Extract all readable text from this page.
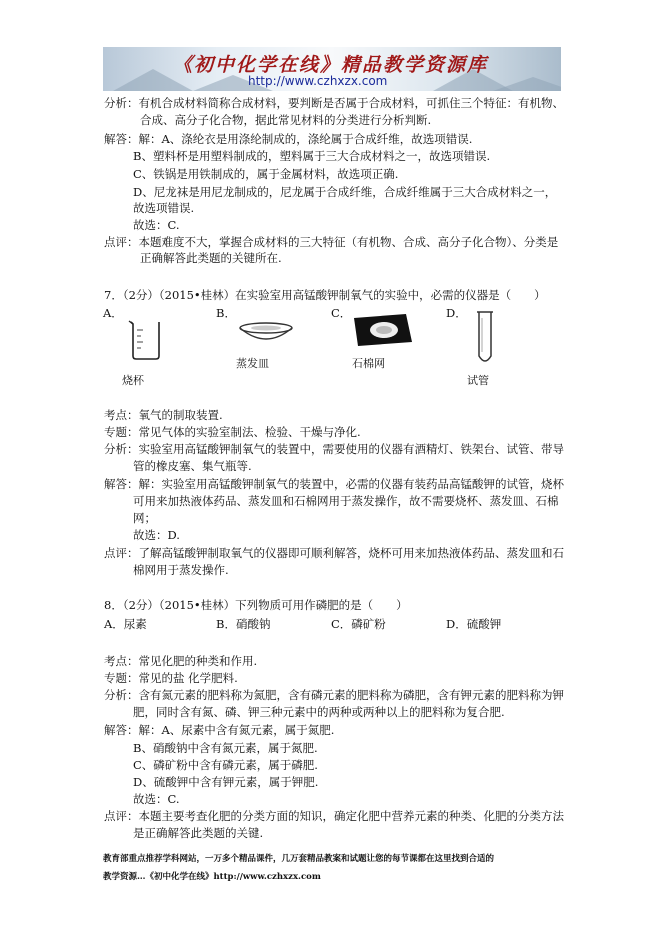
《初中化学在线》精品教学资源库
http://www.czhxzx.com
分析：有机合成材料简称合成材料，要判断是否属于合成材料，可抓住三个特征：有机物、
合成、高分子化合物，据此常见材料的分类进行分析判断.
解答：解：A、涤纶衣是用涤纶制成的，涤纶属于合成纤维，故选项错误.
B、塑料杯是用塑料制成的，塑料属于三大合成材料之一，故选项错误.
C、铁锅是用铁制成的，属于金属材料，故选项正确.
D、尼龙袜是用尼龙制成的，尼龙属于合成纤维，合成纤维属于三大合成材料之一，
故选项错误.
故选：C.
点评：本题难度不大，掌握合成材料的三大特征（有机物、合成、高分子化合物）、分类是
正确解答此类题的关键所在.
7．（2分）（2015•桂林）在实验室用高锰酸钾制氧气的实验中，必需的仪器是（　　）
A．	B．	C．	D．
蒸发皿	石棉网
烧杯	试管
考点：氧气的制取装置.
专题：常见气体的实验室制法、检验、干燥与净化.
分析：实验室用高锰酸钾制氧气的装置中，需要使用的仪器有酒精灯、铁架台、试管、带导
管的橡皮塞、集气瓶等.
解答：解：实验室用高锰酸钾制氧气的装置中，必需的仪器有装药品高锰酸钾的试管，烧杯
可用来加热液体药品、蒸发皿和石棉网用于蒸发操作，故不需要烧杯、蒸发皿、石棉
网；
故选：D.
点评：了解高锰酸钾制取氧气的仪器即可顺利解答，烧杯可用来加热液体药品、蒸发皿和石
棉网用于蒸发操作.
8．（2分）（2015•桂林）下列物质可用作磷肥的是（　　）
A．尿素	B．硝酸钠	C．磷矿粉	D．硫酸钾
考点：常见化肥的种类和作用.
专题：常见的盐 化学肥料.
分析：含有氮元素的肥料称为氮肥，含有磷元素的肥料称为磷肥，含有钾元素的肥料称为钾
肥，同时含有氮、磷、钾三种元素中的两种或两种以上的肥料称为复合肥.
解答：解：A、尿素中含有氮元素，属于氮肥.
B、硝酸钠中含有氮元素，属于氮肥.
C、磷矿粉中含有磷元素，属于磷肥.
D、硫酸钾中含有钾元素，属于钾肥.
故选：C.
点评：本题主要考查化肥的分类方面的知识，确定化肥中营养元素的种类、化肥的分类方法
是正确解答此类题的关键.
教育部重点推荐学科网站，一万多个精品课件，几万套精品教案和试题让您的每节课都在这里找到合适的
教学资源…《初中化学在线》http://www.czhxzx.com
